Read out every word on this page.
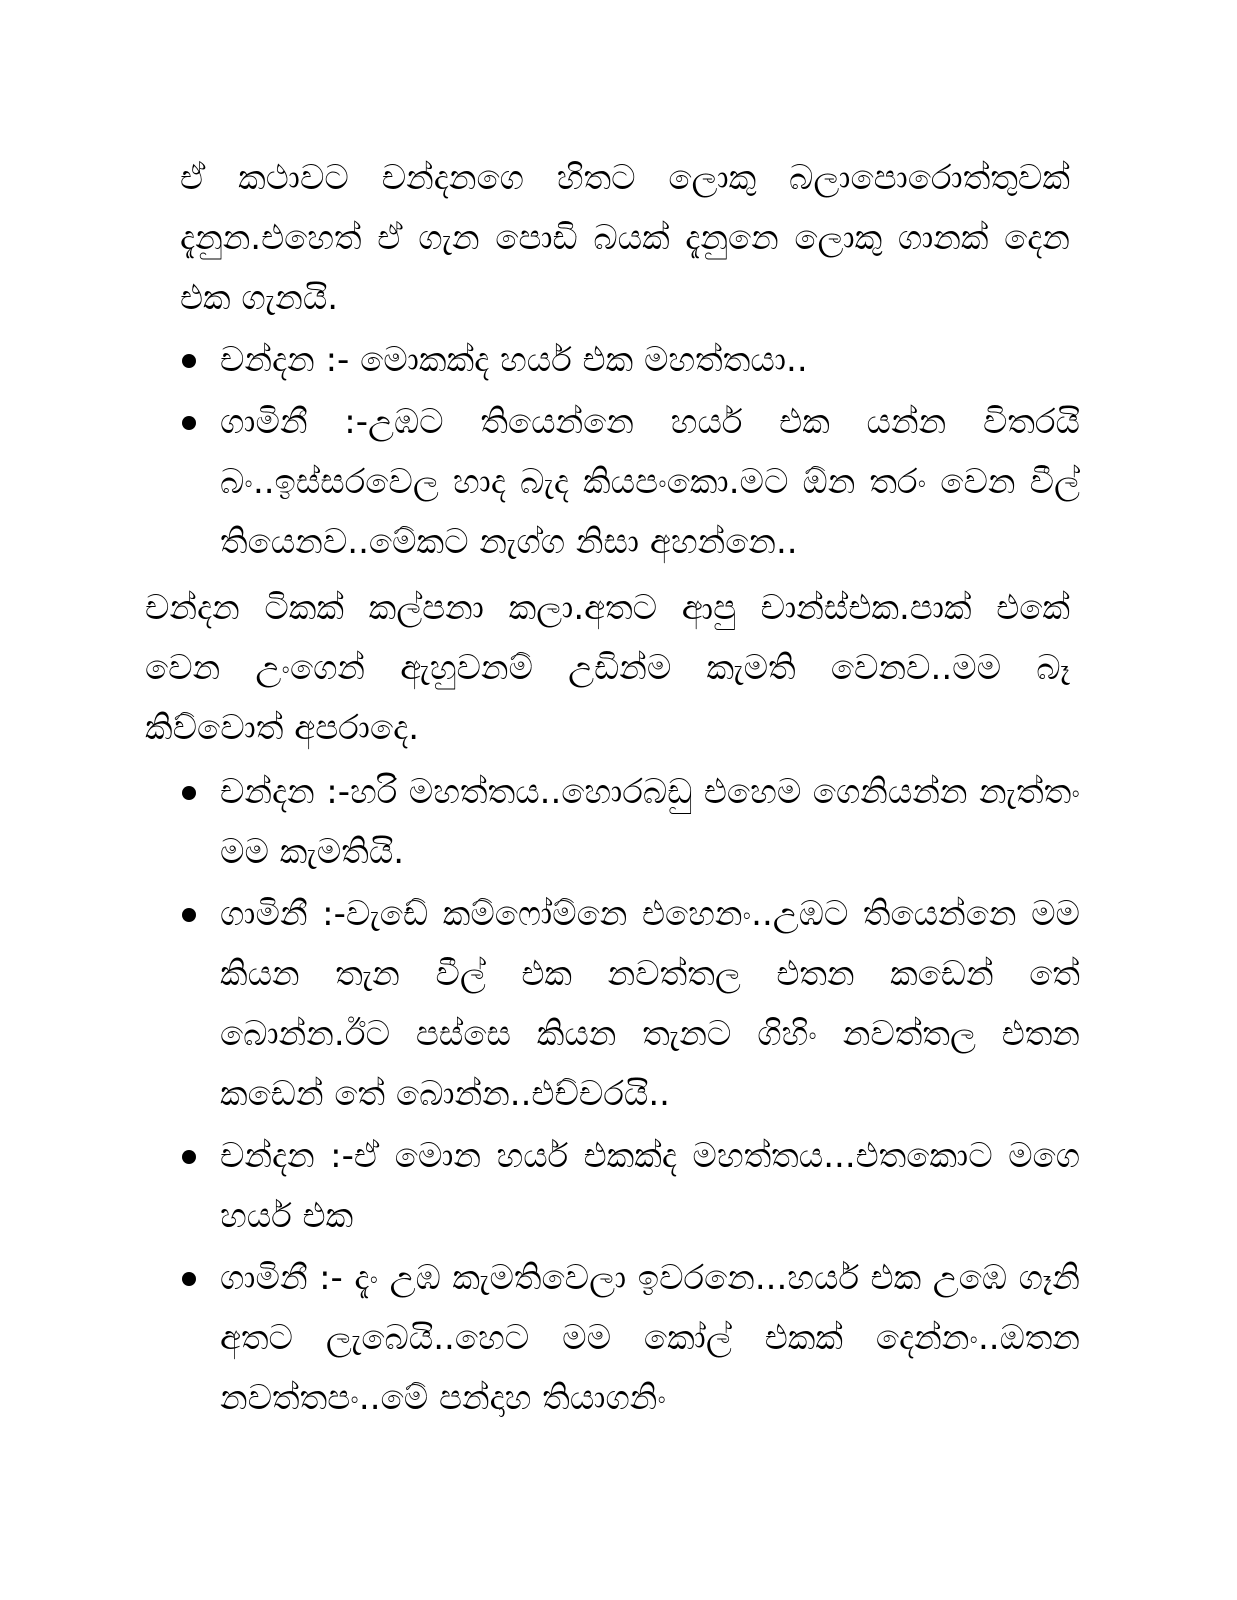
ඒ කථාවට චන්දනගෙ හිතට ලොකු බලාපොරොත්තුවක් දැනුන.එහෙත් ඒ ගැන පොඩි බයක් දැනුනෙ ලොකු ගානක් දෙන එක ගැනයි.

චන්දන :- මොකක්ද හයර් එක මහත්තයා..
ගාමිනී :-උඹට තියෙන්නෙ හයර් එක යන්න විතරයි බං..ඉස්සරවෙල හාද බැද කියපංකො.මට ඕන තරං වෙන වීල් තියෙනව..මේකට නැග්ග නිසා අහන්නෙ..

චන්දන ටිකක් කල්පනා කලා.අතට ආපු චාන්ස්එක.පාක් එකේ වෙන උංගෙන් ඇහුවනම් උඩින්ම කැමති වෙනව..මම බෑ කිව්වොත් අපරාදෙ.

චන්දන :-හරි මහත්තය..හොරබඩු එහෙම ගෙනියන්න නැත්තං මම කැමතියි.
ගාමිනී :-වැඩේ කම්ෆෝම්නෙ එහෙනං..උඹට තියෙන්නෙ මම කියන තැන වීල් එක නවත්තල එතන කඩෙන් තේ බොන්න.ඊට පස්සෙ කියන තැනට ගිහිං නවත්තල එතන කඩෙන් තේ බොන්න..එච්චරයි..
චන්දන :-ඒ මොන හයර් එකක්ද මහත්තය...එතකොට මගෙ හයර් එක
ගාමිනී :- දැං උඹ කැමතිවෙලා ඉවරනෙ...හයර් එක උඹෙ ගෑනි අතට ලැබෙයි..හෙට මම කෝල් එකක් දෙන්නං..ඔතන නවත්තපං..මේ පන්දාහ තියාගනිං
